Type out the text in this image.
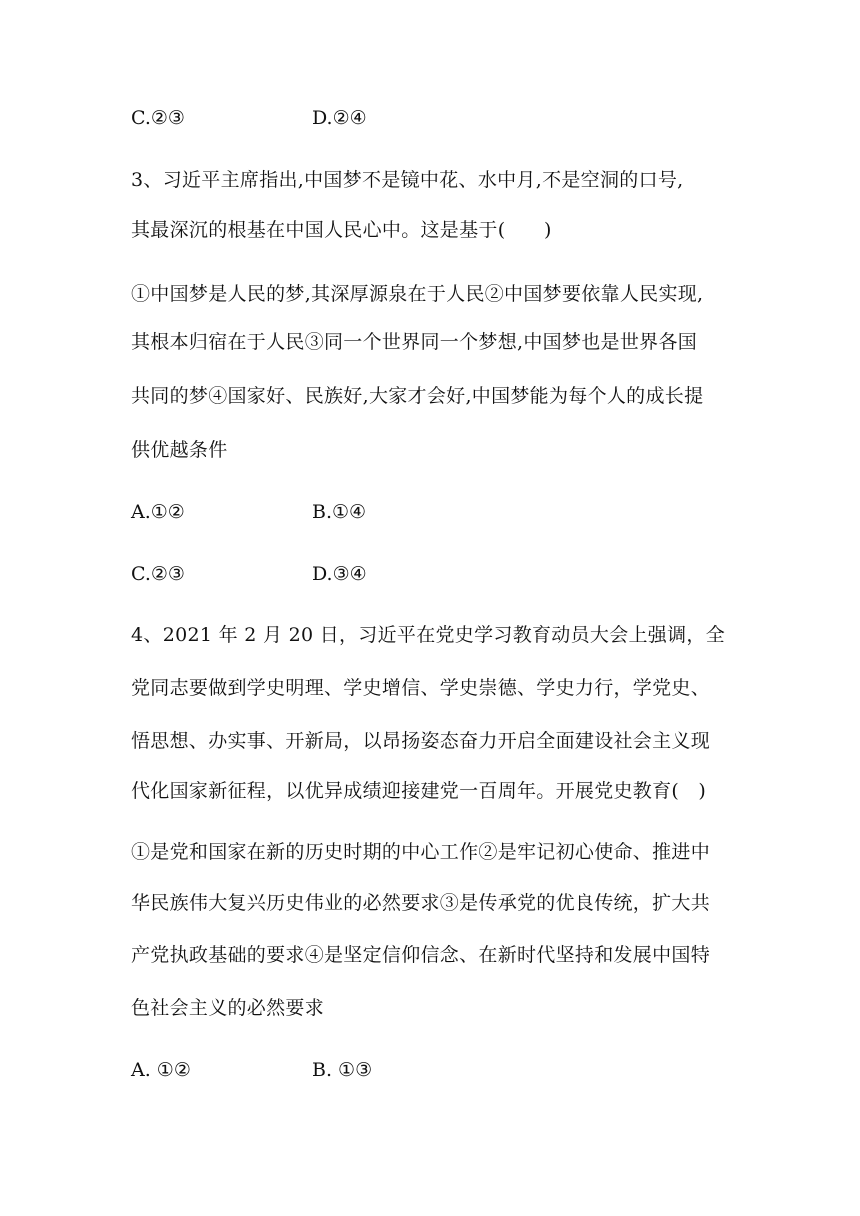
C.②③	D.②④
3、习近平主席指出,中国梦不是镜中花、水中月,不是空洞的口号,
其最深沉的根基在中国人民心中。这是基于(　　)
①中国梦是人民的梦,其深厚源泉在于人民②中国梦要依靠人民实现,
其根本归宿在于人民③同一个世界同一个梦想,中国梦也是世界各国
共同的梦④国家好、民族好,大家才会好,中国梦能为每个人的成长提
供优越条件
A.①②	B.①④
C.②③	D.③④
4、2021 年 2 月 20 日，习近平在党史学习教育动员大会上强调，全
党同志要做到学史明理、学史增信、学史崇德、学史力行，学党史、
悟思想、办实事、开新局，以昂扬姿态奋力开启全面建设社会主义现
代化国家新征程，以优异成绩迎接建党一百周年。开展党史教育(　)
①是党和国家在新的历史时期的中心工作②是牢记初心使命、推进中
华民族伟大复兴历史伟业的必然要求③是传承党的优良传统，扩大共
产党执政基础的要求④是坚定信仰信念、在新时代坚持和发展中国特
色社会主义的必然要求
A. ①②	B. ①③
